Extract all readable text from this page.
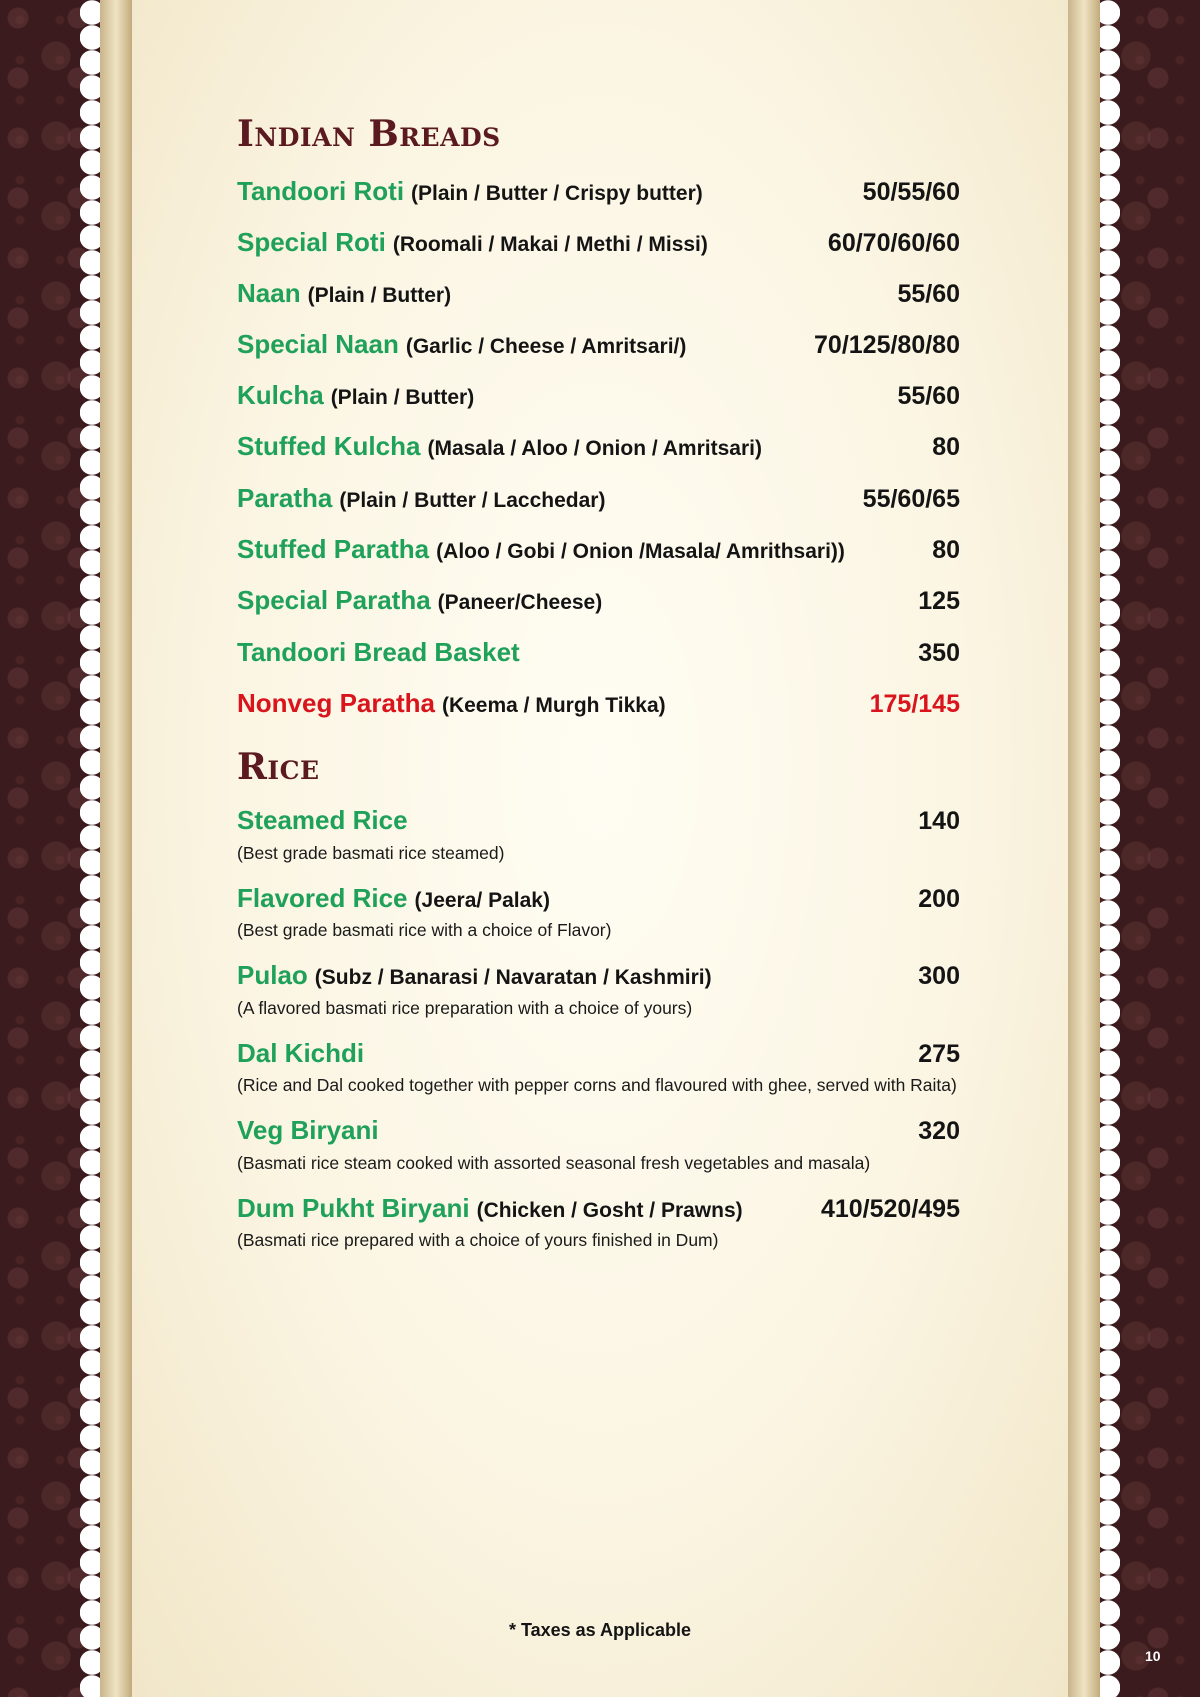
Indian Breads
Tandoori Roti (Plain / Butter / Crispy butter)	50/55/60
Special Roti (Roomali / Makai / Methi / Missi)	60/70/60/60
Naan (Plain / Butter)	55/60
Special Naan (Garlic / Cheese / Amritsari/)	70/125/80/80
Kulcha (Plain / Butter)	55/60
Stuffed Kulcha (Masala / Aloo / Onion / Amritsari)	80
Paratha (Plain / Butter / Lacchedar)	55/60/65
Stuffed Paratha (Aloo / Gobi / Onion /Masala/ Amrithsari))	80
Special Paratha (Paneer/Cheese)	125
Tandoori Bread Basket	350
Nonveg Paratha (Keema / Murgh Tikka)	175/145
Rice
Steamed Rice	140
(Best grade basmati rice steamed)
Flavored Rice (Jeera/ Palak)	200
(Best grade basmati rice with a choice of Flavor)
Pulao (Subz / Banarasi / Navaratan / Kashmiri)	300
(A flavored basmati rice preparation with a choice of yours)
Dal Kichdi	275
(Rice and Dal cooked together with pepper corns and flavoured with ghee, served with Raita)
Veg Biryani	320
(Basmati rice steam cooked with assorted seasonal fresh vegetables and masala)
Dum Pukht Biryani (Chicken / Gosht / Prawns)	410/520/495
(Basmati rice prepared with a choice of yours finished in Dum)
* Taxes as Applicable
10
